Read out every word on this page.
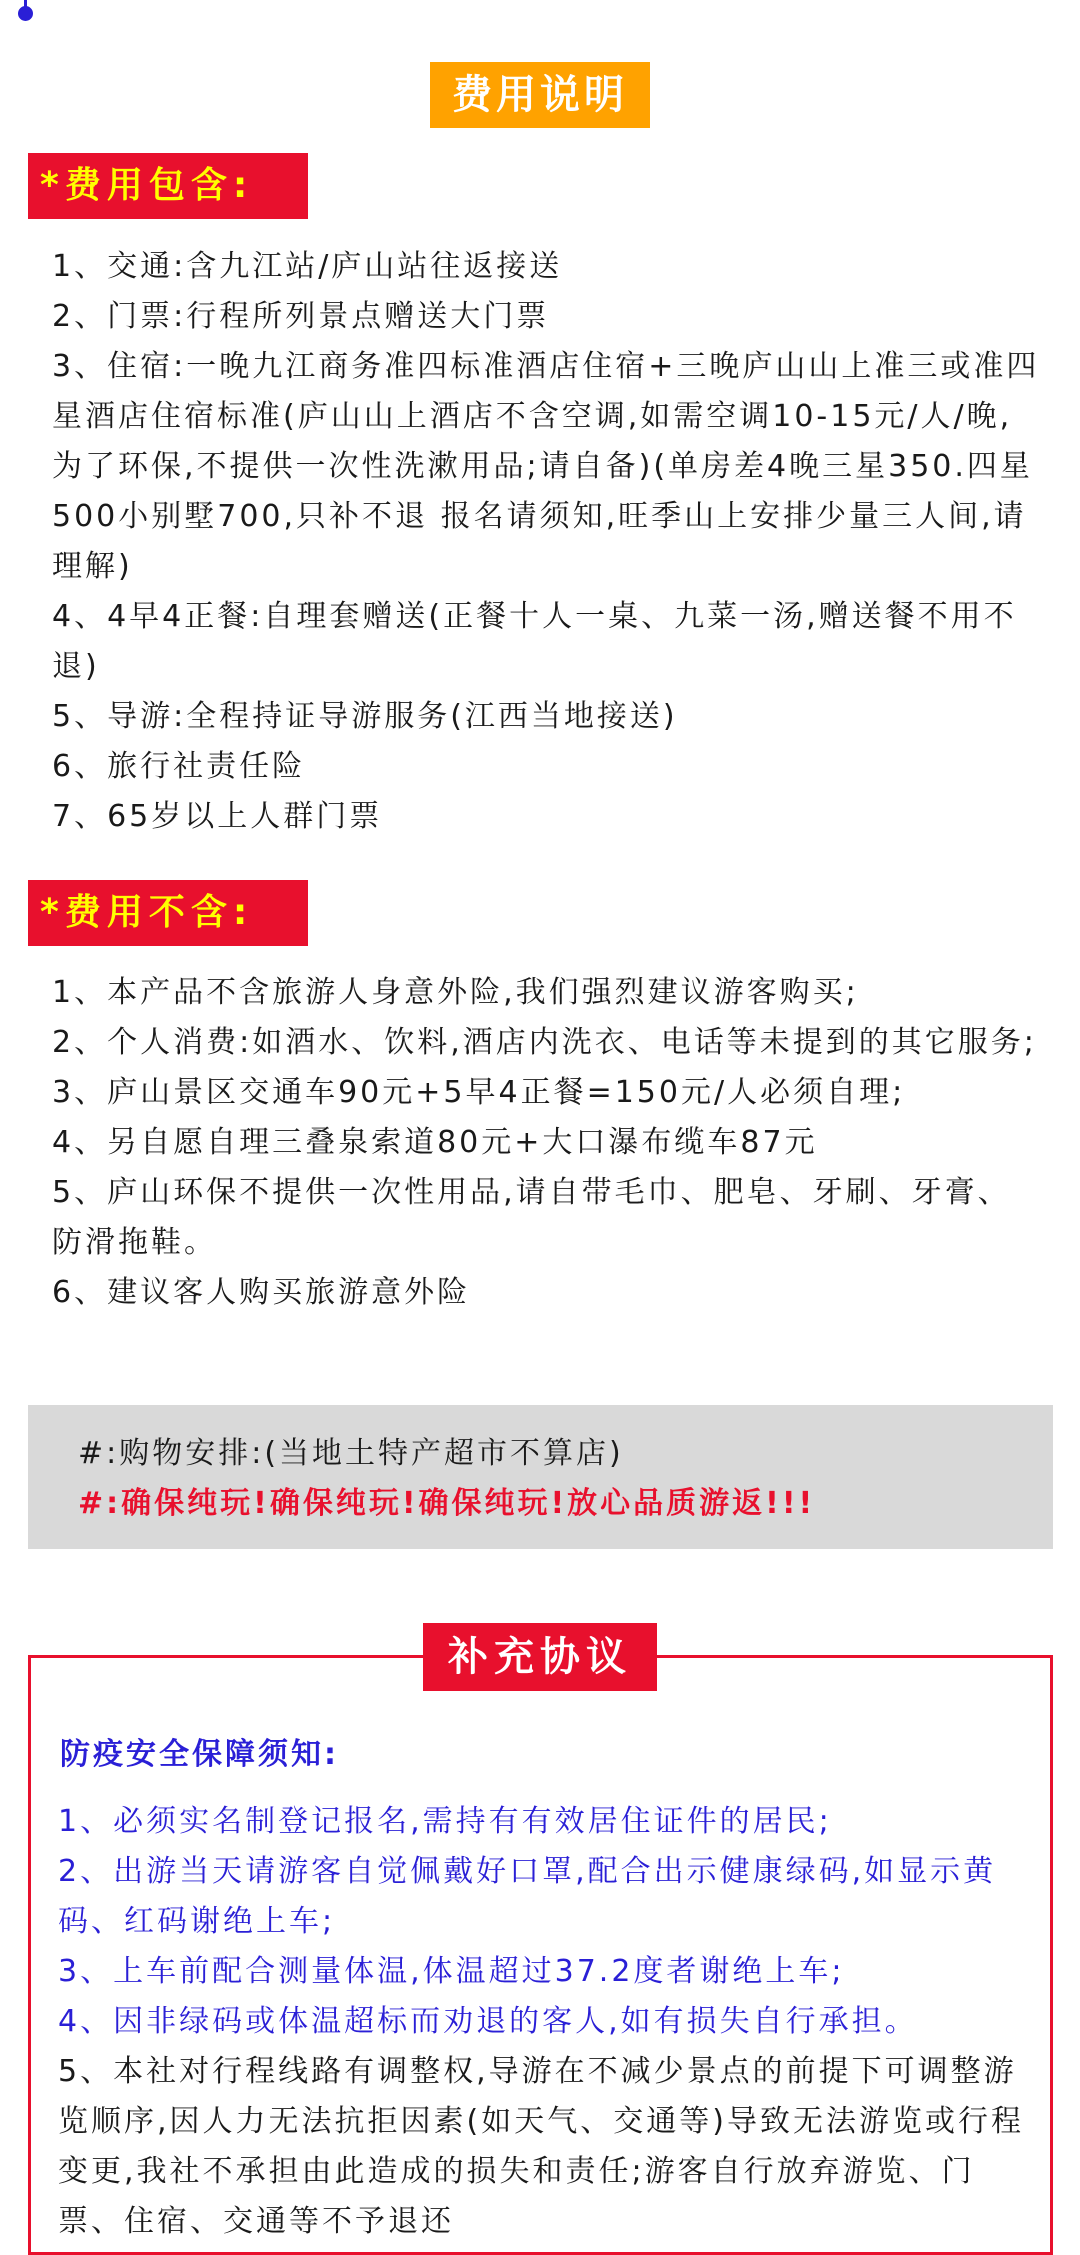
费用说明
*费用包含:
1、交通:含九江站/庐山站往返接送
2、门票:行程所列景点赠送大门票
3、住宿:一晚九江商务准四标准酒店住宿+三晚庐山山上准三或准四星酒店住宿标准(庐山山上酒店不含空调,如需空调10-15元/人/晚,为了环保,不提供一次性洗漱用品;请自备)(单房差4晚三星350.四星500小别墅700,只补不退 报名请须知,旺季山上安排少量三人间,请理解)
4、4早4正餐:自理套赠送(正餐十人一桌、九菜一汤,赠送餐不用不退)
5、导游:全程持证导游服务(江西当地接送)
6、旅行社责任险
7、65岁以上人群门票
*费用不含:
1、本产品不含旅游人身意外险,我们强烈建议游客购买;
2、个人消费:如酒水、饮料,酒店内洗衣、电话等未提到的其它服务;
3、庐山景区交通车90元+5早4正餐=150元/人必须自理;
4、另自愿自理三叠泉索道80元+大口瀑布缆车87元
5、庐山环保不提供一次性用品,请自带毛巾、肥皂、牙刷、牙膏、防滑拖鞋。
6、建议客人购买旅游意外险
#:购物安排:(当地土特产超市不算店)
#:确保纯玩!确保纯玩!确保纯玩!放心品质游返!!!
补充协议
防疫安全保障须知:
1、必须实名制登记报名,需持有有效居住证件的居民;
2、出游当天请游客自觉佩戴好口罩,配合出示健康绿码,如显示黄码、红码谢绝上车;
3、上车前配合测量体温,体温超过37.2度者谢绝上车;
4、因非绿码或体温超标而劝退的客人,如有损失自行承担。
5、本社对行程线路有调整权,导游在不减少景点的前提下可调整游览顺序,因人力无法抗拒因素(如天气、交通等)导致无法游览或行程变更,我社不承担由此造成的损失和责任;游客自行放弃游览、门票、住宿、交通等不予退还
